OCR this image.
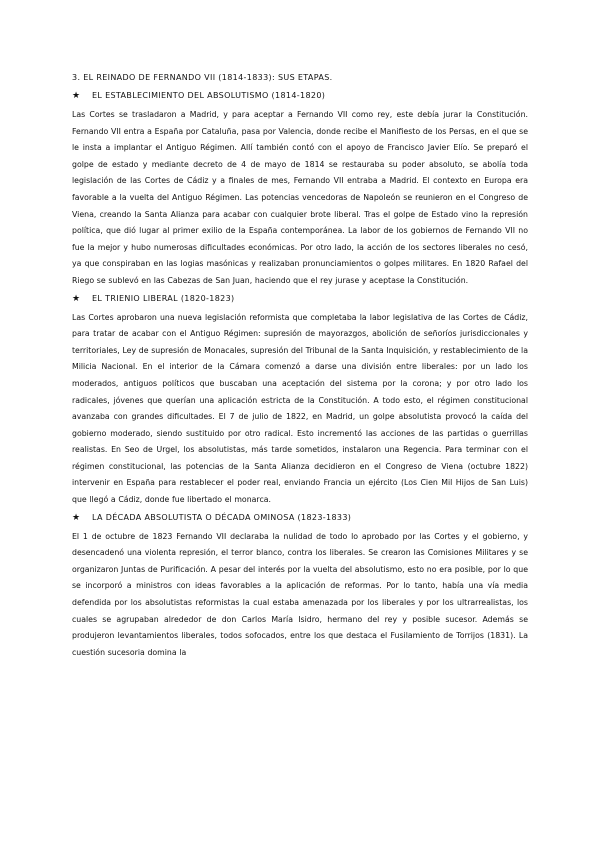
3. EL REINADO DE FERNANDO VII (1814-1833): SUS ETAPAS.
★	EL ESTABLECIMIENTO DEL ABSOLUTISMO (1814-1820)

Las Cortes se trasladaron a Madrid, y para aceptar a Fernando VII como rey, este debía jurar la Constitución. Fernando VII entra a España por Cataluña, pasa por Valencia, donde recibe el Manifiesto de los Persas, en el que se le insta a implantar el Antiguo Régimen. Allí también contó con el apoyo de Francisco Javier Elío. Se preparó el golpe de estado y mediante decreto de 4 de mayo de 1814 se restauraba su poder absoluto, se abolía toda legislación de las Cortes de Cádiz y a finales de mes, Fernando VII entraba a Madrid. El contexto en Europa era favorable a la vuelta del Antiguo Régimen. Las potencias vencedoras de Napoleón se reunieron en el Congreso de Viena, creando la Santa Alianza para acabar con cualquier brote liberal. Tras el golpe de Estado vino la represión política, que dió lugar al primer exilio de la España contemporánea. La labor de los gobiernos de Fernando VII no fue la mejor y hubo numerosas dificultades económicas. Por otro lado, la acción de los sectores liberales no cesó, ya que conspiraban en las logias masónicas y realizaban pronunciamientos o golpes militares. En 1820 Rafael del Riego se sublevó en las Cabezas de San Juan, haciendo que el rey jurase y aceptase la Constitución.

★	EL TRIENIO LIBERAL (1820-1823)

Las Cortes aprobaron una nueva legislación reformista que completaba la labor legislativa de las Cortes de Cádiz, para tratar de acabar con el Antiguo Régimen: supresión de mayorazgos, abolición de señoríos jurisdiccionales y territoriales, Ley de supresión de Monacales, supresión del Tribunal de la Santa Inquisición, y restablecimiento de la Milicia Nacional. En el interior de la Cámara comenzó a darse una división entre liberales: por un lado los moderados, antiguos políticos que buscaban una aceptación del sistema por la corona; y por otro lado los radicales, jóvenes que querían una aplicación estricta de la Constitución. A todo esto, el régimen constitucional avanzaba con grandes dificultades. El 7 de julio de 1822, en Madrid, un golpe absolutista provocó la caída del gobierno moderado, siendo sustituido por otro radical. Esto incrementó las acciones de las partidas o guerrillas realistas. En Seo de Urgel, los absolutistas, más tarde sometidos, instalaron una Regencia. Para terminar con el régimen constitucional, las potencias de la Santa Alianza decidieron en el Congreso de Viena (octubre 1822) intervenir en España para restablecer el poder real, enviando Francia un ejército (Los Cien Mil Hijos de San Luis) que llegó a Cádiz, donde fue libertado el monarca.

★	LA DÉCADA ABSOLUTISTA O DÉCADA OMINOSA (1823-1833)

El 1 de octubre de 1823 Fernando VII declaraba la nulidad de todo lo aprobado por las Cortes y el gobierno, y desencadenó una violenta represión, el terror blanco, contra los liberales. Se crearon las Comisiones Militares y se organizaron Juntas de Purificación. A pesar del interés por la vuelta del absolutismo, esto no era posible, por lo que se incorporó a ministros con ideas favorables a la aplicación de reformas. Por lo tanto, había una vía media defendida por los absolutistas reformistas la cual estaba amenazada por los liberales y por los ultrarrealistas, los cuales se agrupaban alrededor de don Carlos María Isidro, hermano del rey y posible sucesor. Además se produjeron levantamientos liberales, todos sofocados, entre los que destaca el Fusilamiento de Torrijos (1831). La cuestión sucesoria domina la
